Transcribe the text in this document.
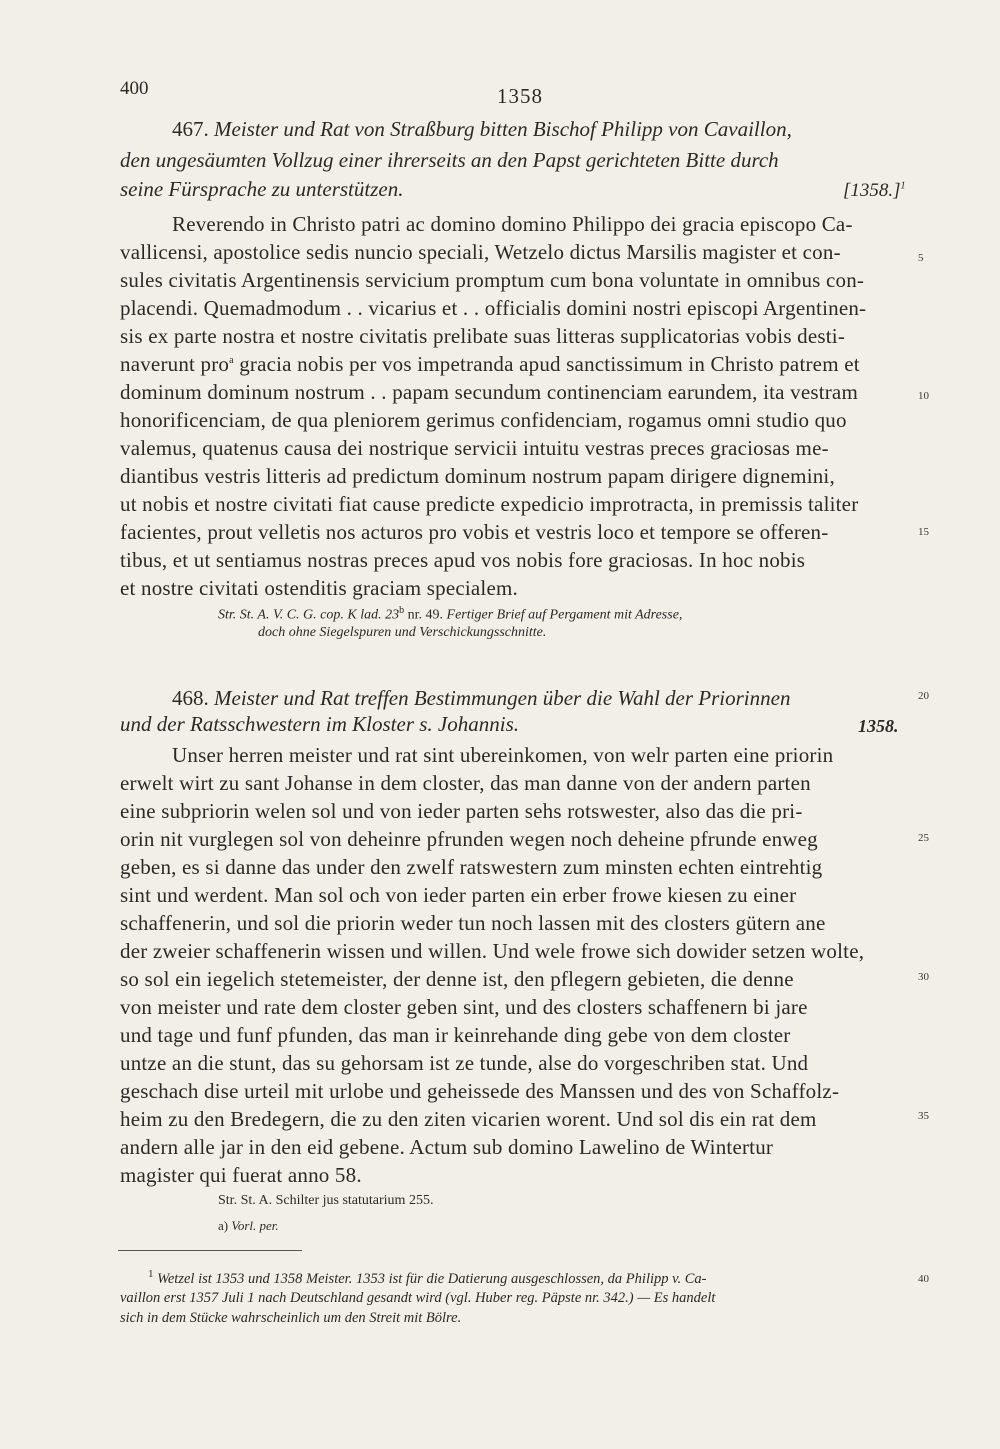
400	1358
467. Meister und Rat von Straßburg bitten Bischof Philipp von Cavaillon,
den ungesäumten Vollzug einer ihrerseits an den Papst gerichteten Bitte durch
seine Fürsprache zu unterstützen.	$[1358.]^1$
Reverendo in Christo patri ac domino domino Philippo dei gracia episcopo Ca-
vallicensi, apostolice sedis nuncio speciali, Wetzelo dictus Marsilis magister et con-
sules civitatis Argentinensis servicium promptum cum bona voluntate in omnibus con-
placendi. Quemadmodum . . vicarius et . . officialis domini nostri episcopi Argentinen-
sis ex parte nostra et nostre civitatis prelibate suas litteras supplicatorias vobis desti-
naverunt pro$^a$ gracia nobis per vos impetranda apud sanctissimum in Christo patrem et
dominum dominum nostrum . . papam secundum continenciam earundem, ita vestram
honorificenciam, de qua pleniorem gerimus confidenciam, rogamus omni studio quo
valemus, quatenus causa dei nostrique servicii intuitu vestras preces graciosas me-
diantibus vestris litteris ad predictum dominum nostrum papam dirigere dignemini,
ut nobis et nostre civitati fiat cause predicte expedicio improtracta, in premissis taliter
facientes, prout velletis nos acturos pro vobis et vestris loco et tempore se offeren-
tibus, et ut sentiamus nostras preces apud vos nobis fore graciosas. In hoc nobis
et nostre civitati ostenditis graciam specialem.
Str. St. A. V. C. G. cop. K lad. 23$^b$ nr. 49. Fertiger Brief auf Pergament mit Adresse,
doch ohne Siegelspuren und Verschickungsschnitte.
468. Meister und Rat treffen Bestimmungen über die Wahl der Priorinnen
und der Ratsschwestern im Kloster s. Johannis.	1358.
Unser herren meister und rat sint ubereinkomen, von welr parten eine priorin
erwelt wirt zu sant Johanse in dem closter, das man danne von der andern parten
eine subpriorin welen sol und von ieder parten sehs rotswester, also das die pri-
orin nit vurglegen sol von deheinre pfrunden wegen noch deheine pfrunde enweg
geben, es si danne das under den zwelf ratswestern zum minsten echten eintrehtig
sint und werdent. Man sol och von ieder parten ein erber frowe kiesen zu einer
schaffenerin, und sol die priorin weder tun noch lassen mit des closters gütern ane
der zweier schaffenerin wissen und willen. Und wele frowe sich dowider setzen wolte,
so sol ein iegelich stetemeister, der denne ist, den pflegern gebieten, die denne
von meister und rate dem closter geben sint, und des closters schaffenern bi jare
und tage und funf pfunden, das man ir keinrehande ding gebe von dem closter
untze an die stunt, das su gehorsam ist ze tunde, alse do vorgeschriben stat. Und
geschach dise urteil mit urlobe und geheissede des Manssen und des von Schaffolz-
heim zu den Bredegern, die zu den ziten vicarien worent. Und sol dis ein rat dem
andern alle jar in den eid gebene. Actum sub domino Lawelino de Wintertur
magister qui fuerat anno 58.
Str. St. A. Schilter jus statutarium 255.
a) Vorl. per.
5
10
15
20
25
30
35
40
$^1$ Wetzel ist 1353 und 1358 Meister. 1353 ist für die Datierung ausgeschlossen, da Philipp v. Ca-
vaillon erst 1357 Juli 1 nach Deutschland gesandt wird (vgl. Huber reg. Päpste nr. 342.) — Es handelt
sich in dem Stücke wahrscheinlich um den Streit mit Bölre.
